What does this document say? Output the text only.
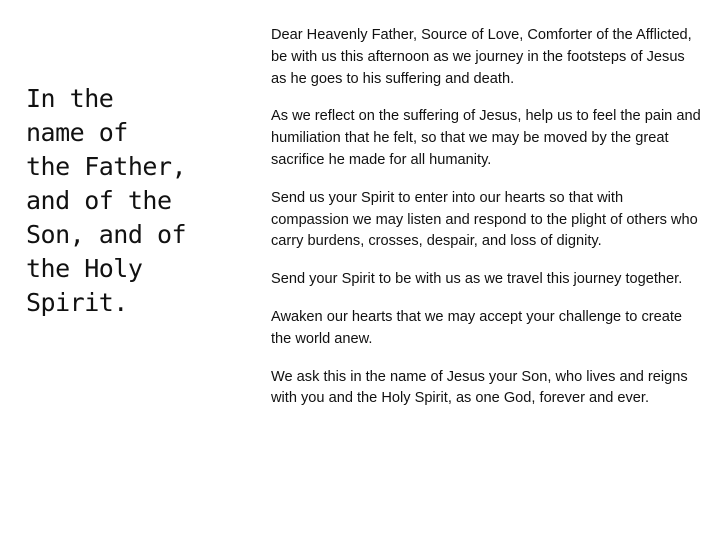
In the
name of
the Father,
and of the
Son, and of
the Holy
Spirit.

Dear Heavenly Father, Source of Love, Comforter of the Afflicted, be with us this afternoon as we journey in the footsteps of Jesus as he goes to his suffering and death.

As we reflect on the suffering of Jesus, help us to feel the pain and humiliation that he felt, so that we may be moved by the great sacrifice he made for all humanity.

Send us your Spirit to enter into our hearts so that with compassion we may listen and respond to the plight of others who carry burdens, crosses, despair, and loss of dignity.

Send your Spirit to be with us as we travel this journey together.

Awaken our hearts that we may accept your challenge to create the world anew.

We ask this in the name of Jesus your Son, who lives and reigns with you and the Holy Spirit, as one God, forever and ever.
